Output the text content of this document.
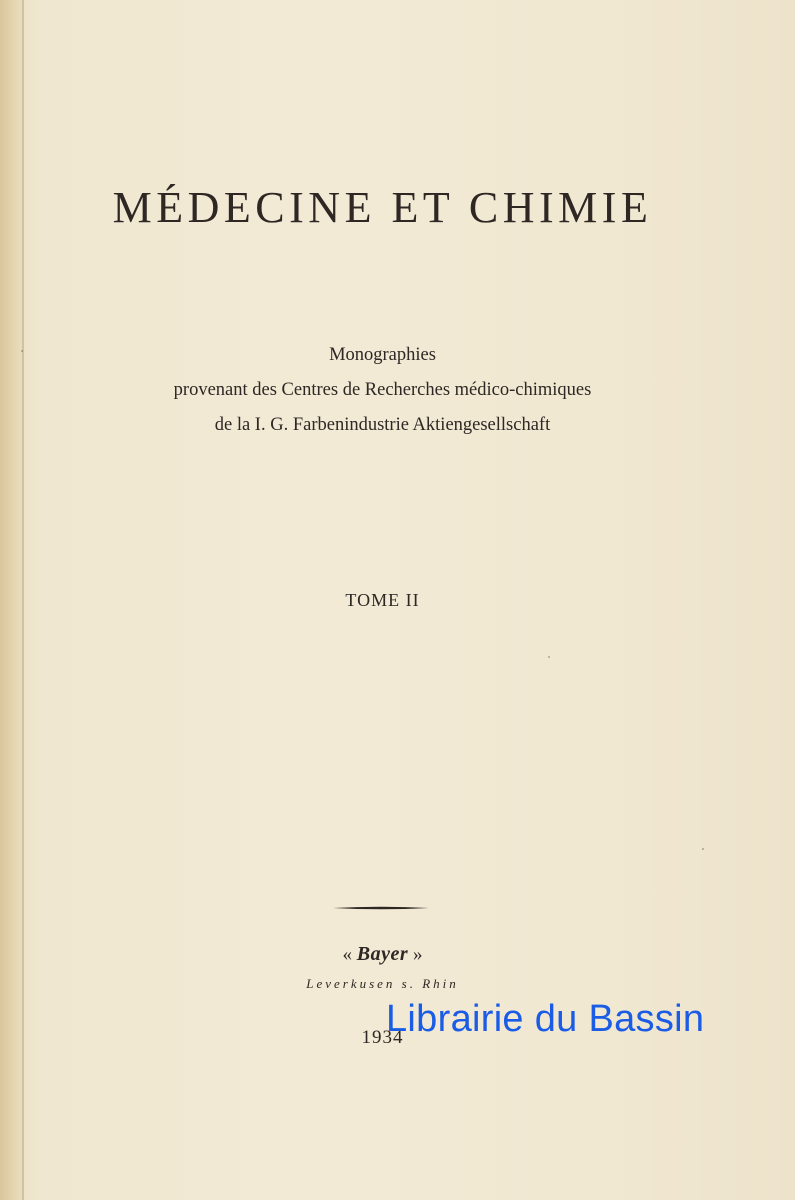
MÉDECINE ET CHIMIE
Monographies
provenant des Centres de Recherches médico-chimiques
de la I. G. Farbenindustrie Aktiengesellschaft
TOME II
« Bayer »
Leverkusen s. Rhin
1934
Librairie du Bassin
